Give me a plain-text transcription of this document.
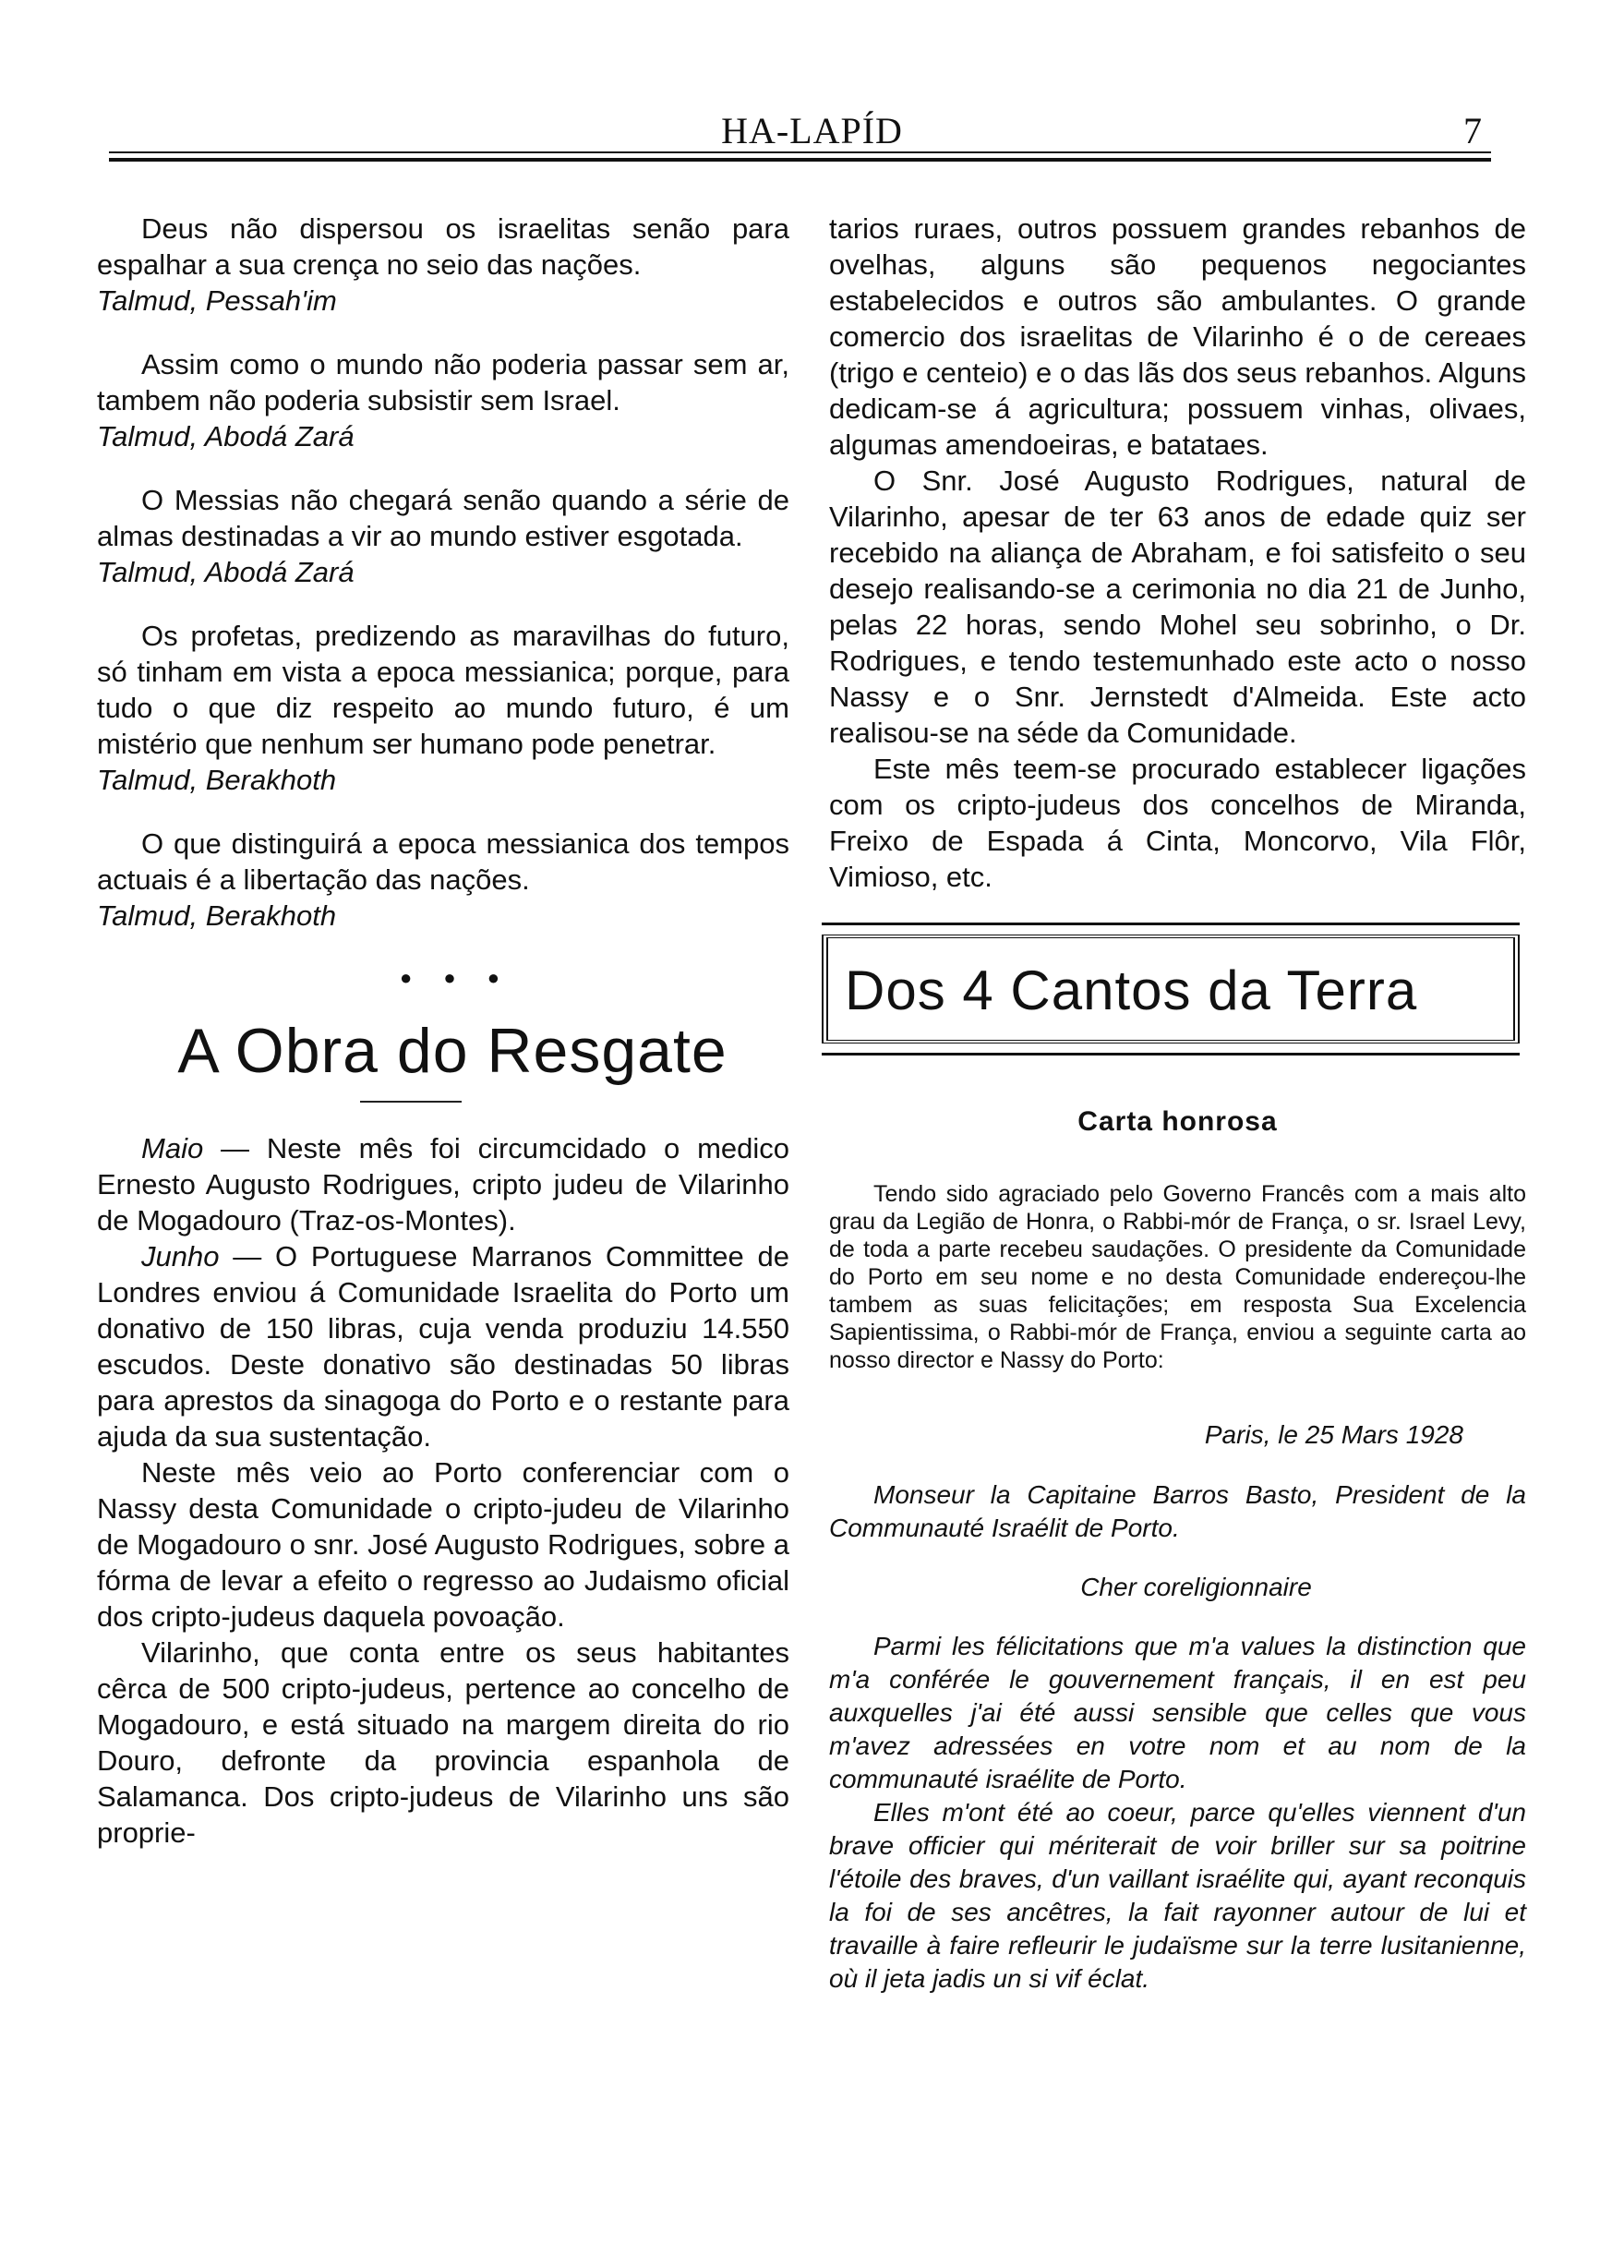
HA-LAPÍD	7

Deus não dispersou os israelitas senão para espalhar a sua crença no seio das nações.

Talmud, Pessah'im

Assim como o mundo não poderia passar sem ar, tambem não poderia subsistir sem Israel.

Talmud, Abodá Zará

O Messias não chegará senão quando a série de almas destinadas a vir ao mundo estiver esgotada.

Talmud, Abodá Zará

Os profetas, predizendo as maravilhas do futuro, só tinham em vista a epoca messianica; porque, para tudo o que diz respeito ao mundo futuro, é um mistério que nenhum ser humano pode penetrar.

Talmud, Berakhoth

O que distinguirá a epoca messianica dos tempos actuais é a libertação das nações.

Talmud, Berakhoth

● ● ●
A Obra do Resgate

Maio — Neste mês foi circumcidado o medico Ernesto Augusto Rodrigues, cripto judeu de Vilarinho de Mogadouro (Traz-os-Montes).

Junho — O Portuguese Marranos Committee de Londres enviou á Comunidade Israelita do Porto um donativo de 150 libras, cuja venda produziu 14.550 escudos. Deste donativo são destinadas 50 libras para aprestos da sinagoga do Porto e o restante para ajuda da sua sustentação.

Neste mês veio ao Porto conferenciar com o Nassy desta Comunidade o cripto-judeu de Vilarinho de Mogadouro o snr. José Augusto Rodrigues, sobre a fórma de levar a efeito o regresso ao Judaismo oficial dos cripto-judeus daquela povoação.

Vilarinho, que conta entre os seus habitantes cêrca de 500 cripto-judeus, pertence ao concelho de Mogadouro, e está situado na margem direita do rio Douro, defronte da provincia espanhola de Salamanca. Dos cripto-judeus de Vilarinho uns são proprie-

tarios ruraes, outros possuem grandes rebanhos de ovelhas, alguns são pequenos negociantes estabelecidos e outros são ambulantes. O grande comercio dos israelitas de Vilarinho é o de cereaes (trigo e centeio) e o das lãs dos seus rebanhos. Alguns dedicam-se á agricultura; possuem vinhas, olivaes, algumas amendoeiras, e batataes.

O Snr. José Augusto Rodrigues, natural de Vilarinho, apesar de ter 63 anos de edade quiz ser recebido na aliança de Abraham, e foi satisfeito o seu desejo realisando-se a cerimonia no dia 21 de Junho, pelas 22 horas, sendo Mohel seu sobrinho, o Dr. Rodrigues, e tendo testemunhado este acto o nosso Nassy e o Snr. Jernstedt d'Almeida. Este acto realisou-se na séde da Comunidade.

Este mês teem-se procurado establecer ligações com os cripto-judeus dos concelhos de Miranda, Freixo de Espada á Cinta, Moncorvo, Vila Flôr, Vimioso, etc.

Dos 4 Cantos da Terra
Carta honrosa

Tendo sido agraciado pelo Governo Francês com a mais alto grau da Legião de Honra, o Rabbi-mór de França, o sr. Israel Levy, de toda a parte recebeu saudações. O presidente da Comunidade do Porto em seu nome e no desta Comunidade endereçou-lhe tambem as suas felicitações; em resposta Sua Excelencia Sapientissima, o Rabbi-mór de França, enviou a seguinte carta ao nosso director e Nassy do Porto:

Paris, le 25 Mars 1928

Monseur la Capitaine Barros Basto, President de la Communauté Israélit de Porto.

Cher coreligionnaire

Parmi les félicitations que m'a values la distinction que m'a conférée le gouvernement français, il en est peu auxquelles j'ai été aussi sensible que celles que vous m'avez adressées en votre nom et au nom de la communauté israélite de Porto.

Elles m'ont été ao coeur, parce qu'elles viennent d'un brave officier qui mériterait de voir briller sur sa poitrine l'étoile des braves, d'un vaillant israélite qui, ayant reconquis la foi de ses ancêtres, la fait rayonner autour de lui et travaille à faire refleurir le judaïsme sur la terre lusitanienne, où il jeta jadis un si vif éclat.
